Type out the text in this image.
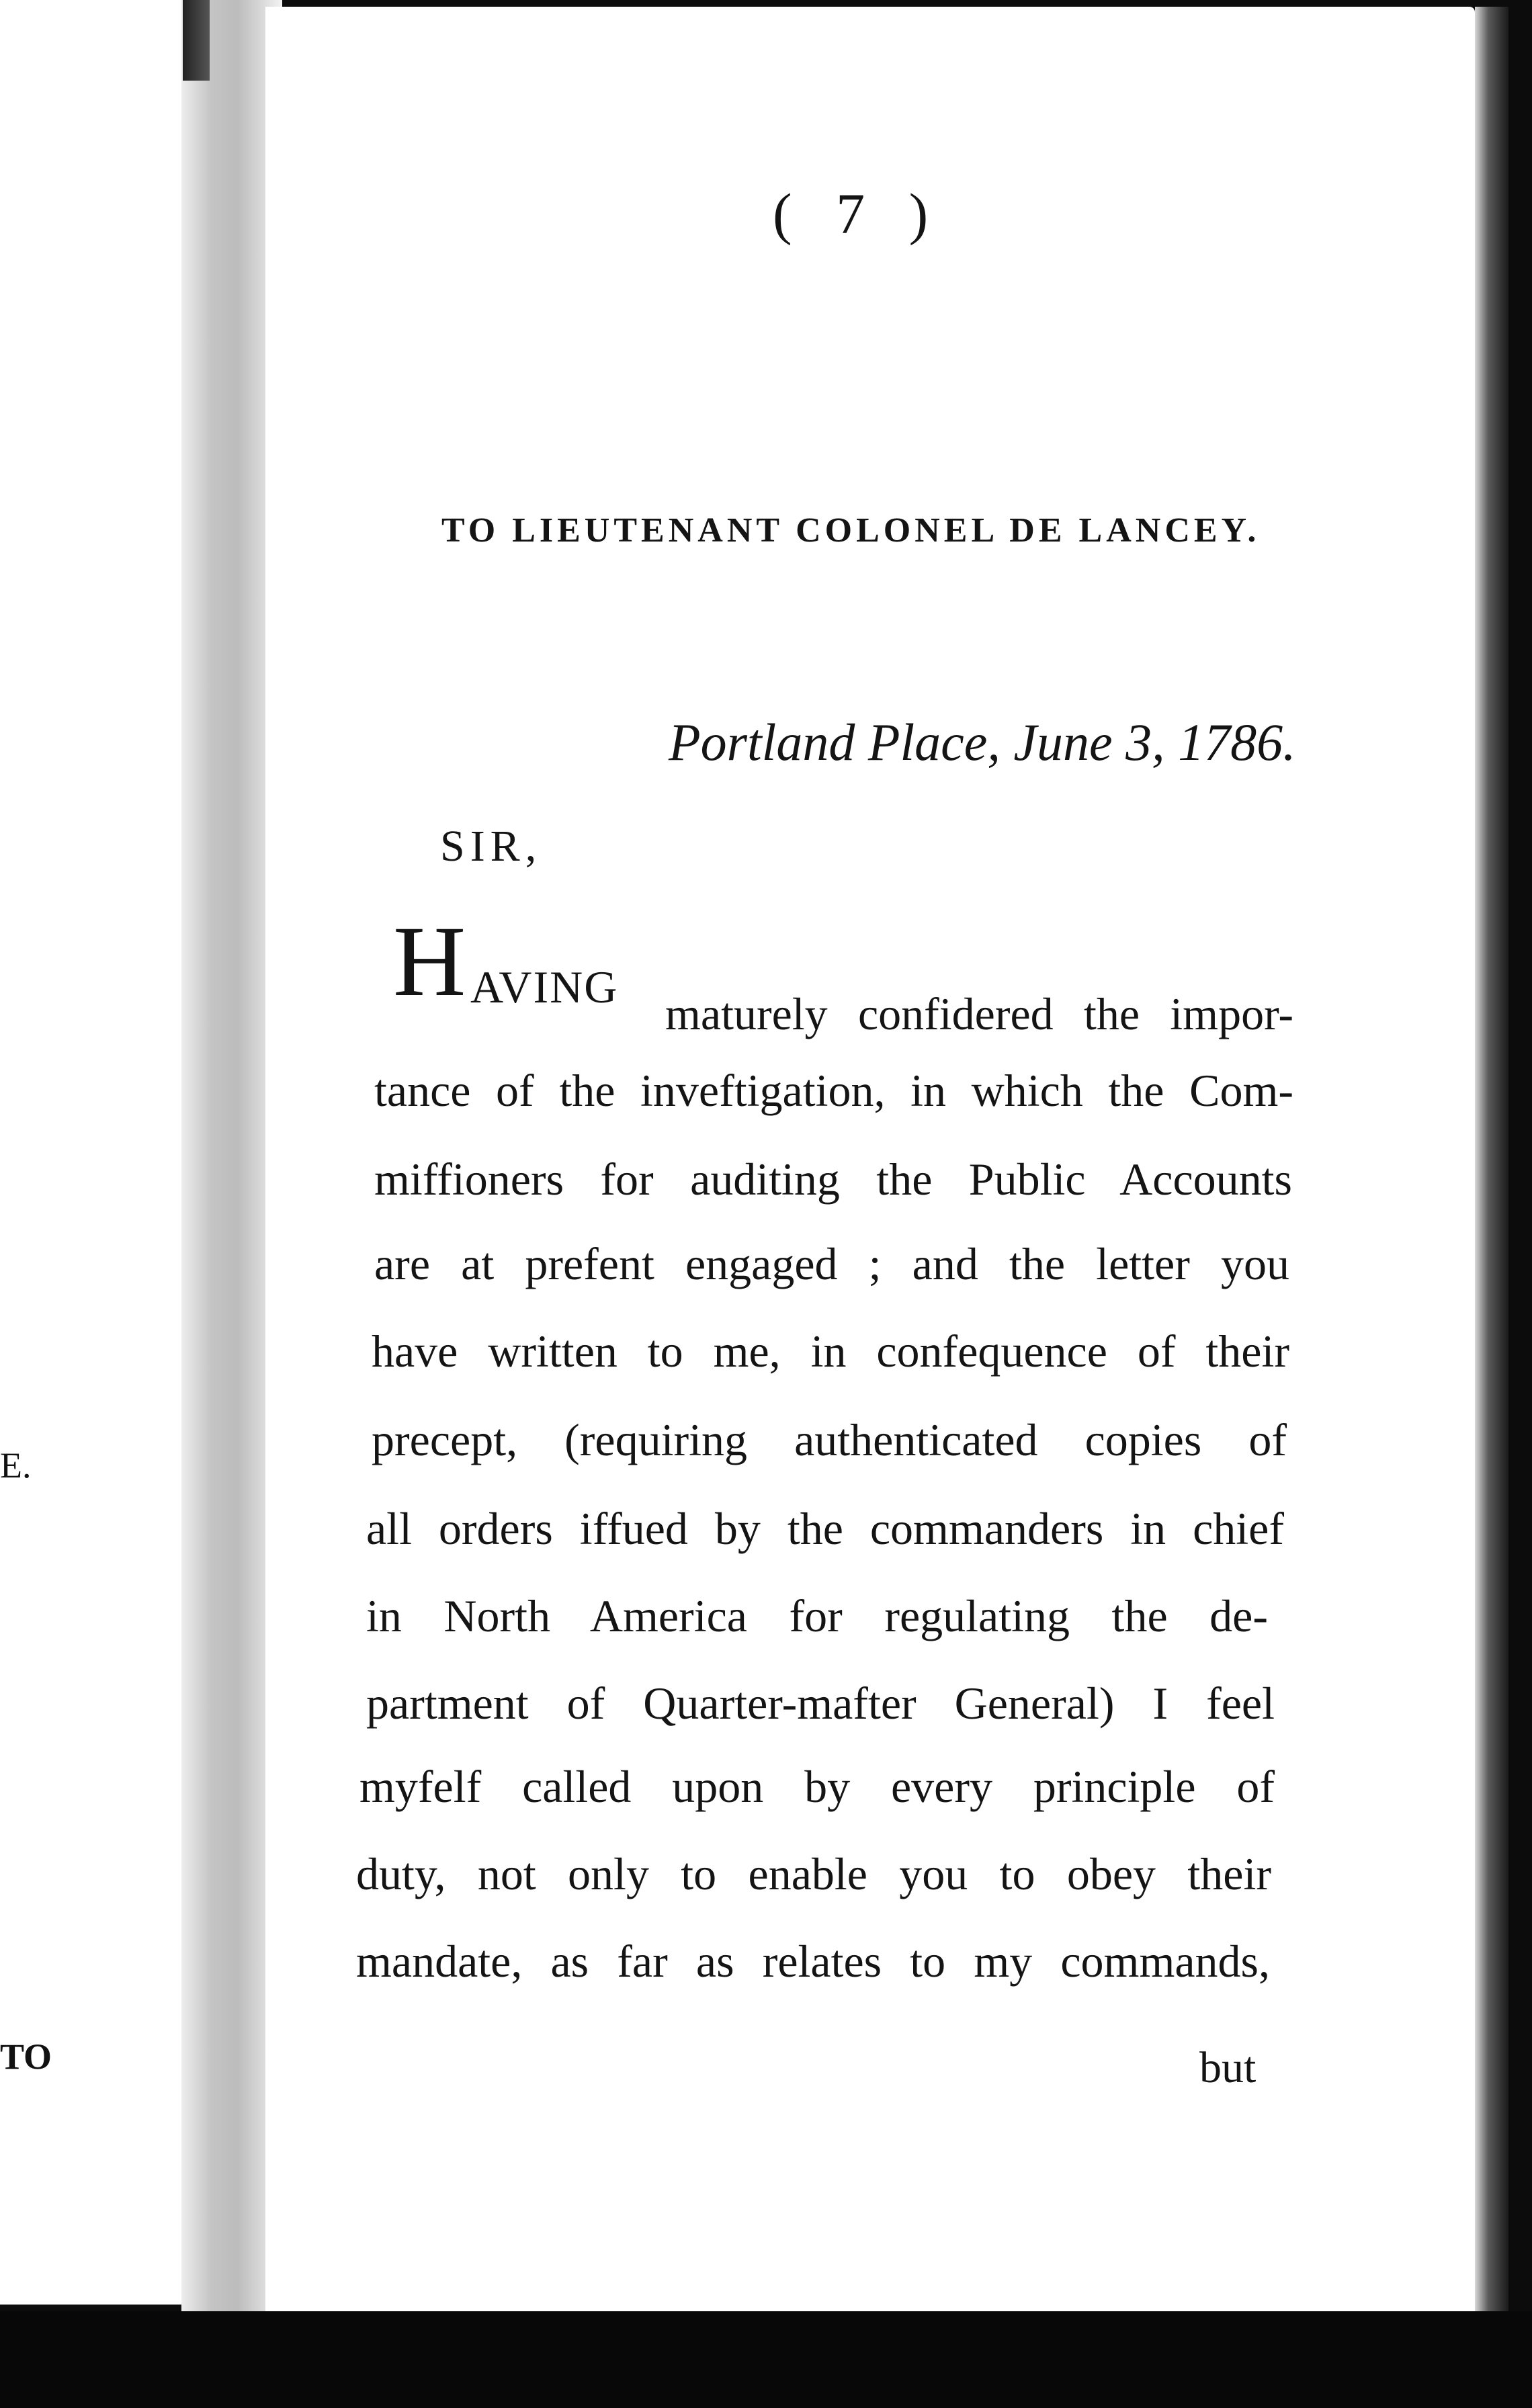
E.
TO
( 7 )
TO LIEUTENANT COLONEL DE LANCEY.
Portland Place, June 3, 1786.
SIR,
H AVING
maturely confidered the impor-
tance of the inveftigation, in which the Com-
miffioners for auditing the Public Accounts
are at prefent engaged ; and the letter you
have written to me, in confequence of their
precept, (requiring authenticated copies of
all orders iffued by the commanders in chief
in North America for regulating the de-
partment of Quarter-mafter General) I feel
myfelf called upon by every principle of
duty, not only to enable you to obey their
mandate, as far as relates to my commands,
but
